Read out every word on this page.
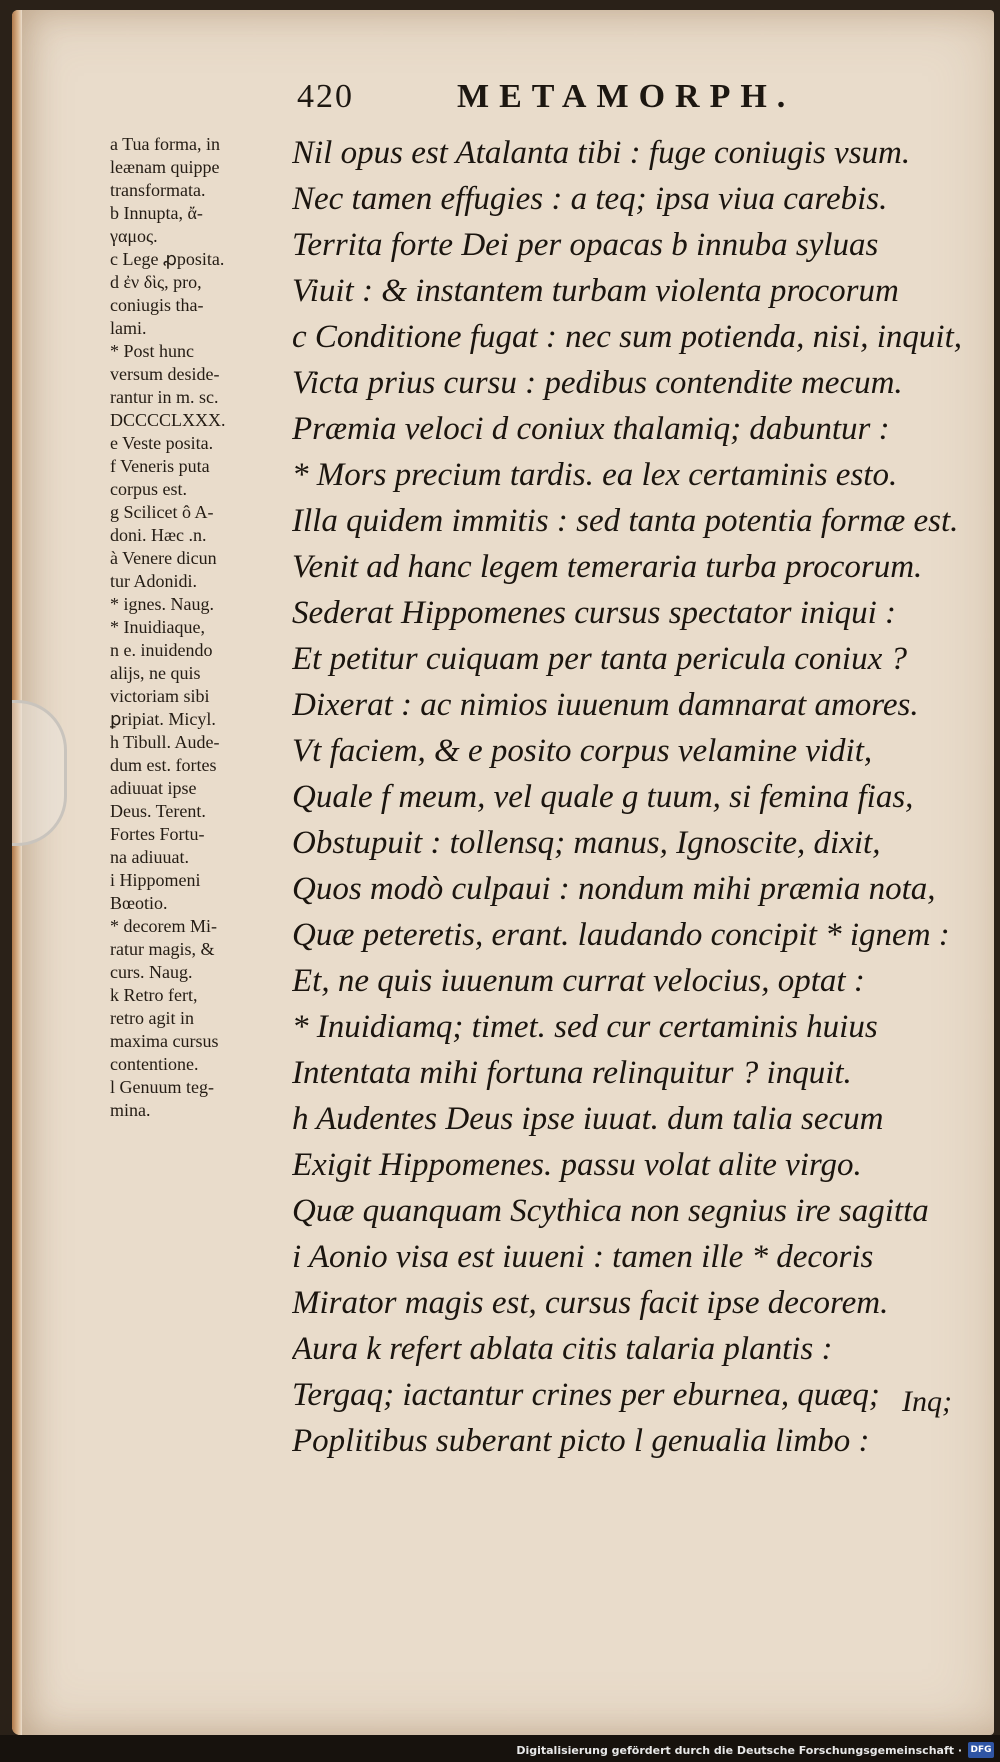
420	METAMORPH.
a Tua forma, in
leænam quippe
transformata.
b Innupta, ἄ-
γαμος.
c Lege ꝓposita.
d ἐν δὶς, pro,
coniugis tha-
lami.
* Post hunc
versum deside-
rantur in m. sc.
DCCCCLXXX.
e Veste posita.
f Veneris puta
corpus est.
g Scilicet ô A-
doni. Hæc .n.
à Venere dicun
tur Adonidi.
* ignes. Naug.
* Inuidiaque,
n e. inuidendo
alijs, ne quis
victoriam sibi
ꝑripiat. Micyl.
h Tibull. Aude-
dum est. fortes
adiuuat ipse
Deus. Terent.
Fortes Fortu-
na adiuuat.
i Hippomeni
Bœotio.
* decorem Mi-
ratur magis, &
curs. Naug.
k Retro fert,
retro agit in
maxima cursus
contentione.
l Genuum teg-
mina.
Nil opus est Atalanta tibi : fuge coniugis vsum.
Nec tamen effugies : a teq; ipsa viua carebis.
Territa forte Dei per opacas b innuba syluas
Viuit : & instantem turbam violenta procorum
c Conditione fugat : nec sum potienda, nisi, inquit,
Victa prius cursu : pedibus contendite mecum.
Præmia veloci d coniux thalamiq; dabuntur :
* Mors precium tardis. ea lex certaminis esto.
Illa quidem immitis : sed tanta potentia formæ est.
Venit ad hanc legem temeraria turba procorum.
Sederat Hippomenes cursus spectator iniqui :
Et petitur cuiquam per tanta pericula coniux ?
Dixerat : ac nimios iuuenum damnarat amores.
Vt faciem, & e posito corpus velamine vidit,
Quale f meum, vel quale g tuum, si femina fias,
Obstupuit : tollensq; manus, Ignoscite, dixit,
Quos modò culpaui : nondum mihi præmia nota,
Quæ peteretis, erant. laudando concipit * ignem :
Et, ne quis iuuenum currat velocius, optat :
* Inuidiamq; timet. sed cur certaminis huius
Intentata mihi fortuna relinquitur ? inquit.
h Audentes Deus ipse iuuat. dum talia secum
Exigit Hippomenes. passu volat alite virgo.
Quæ quanquam Scythica non segnius ire sagitta
i Aonio visa est iuueni : tamen ille * decoris
Mirator magis est, cursus facit ipse decorem.
Aura k refert ablata citis talaria plantis :
Tergaq; iactantur crines per eburnea, quæq;
Poplitibus suberant picto l genualia limbo :
Inq;
Digitalisierung gefördert durch die Deutsche Forschungsgemeinschaft · DFG
